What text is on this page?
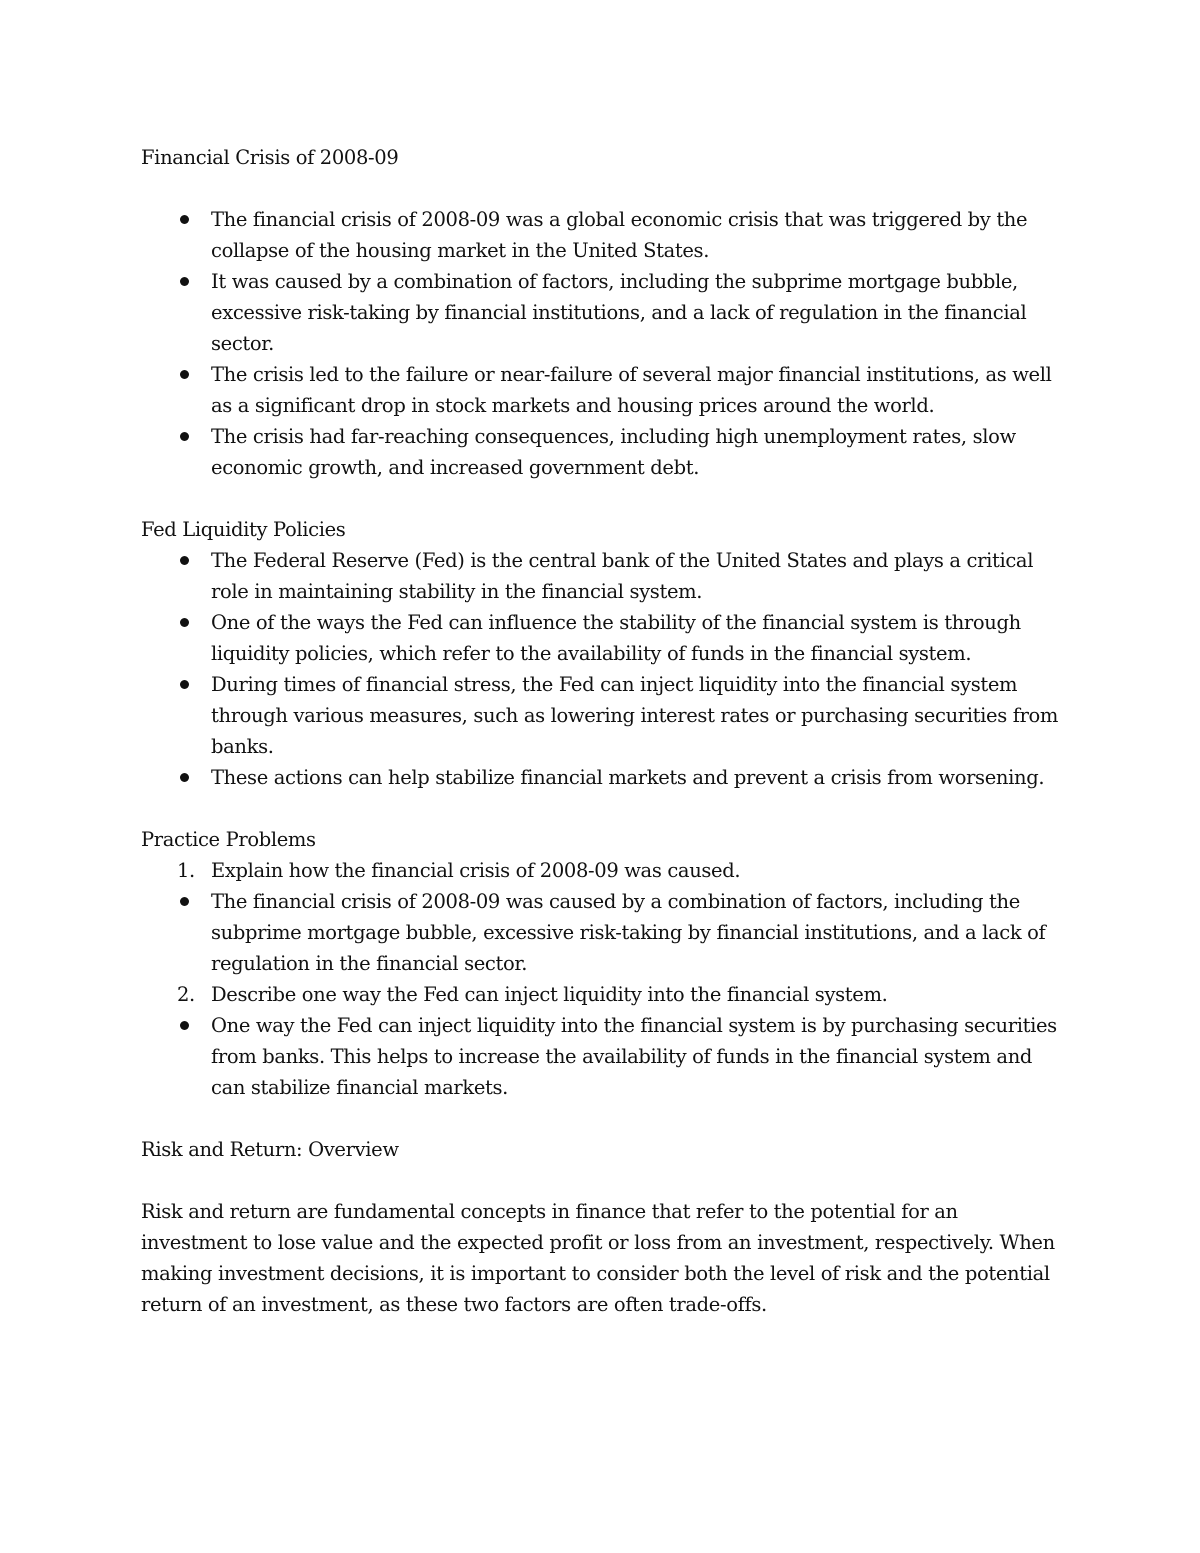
Financial Crisis of 2008-09
The financial crisis of 2008-09 was a global economic crisis that was triggered by the collapse of the housing market in the United States.
It was caused by a combination of factors, including the subprime mortgage bubble, excessive risk-taking by financial institutions, and a lack of regulation in the financial sector.
The crisis led to the failure or near-failure of several major financial institutions, as well as a significant drop in stock markets and housing prices around the world.
The crisis had far-reaching consequences, including high unemployment rates, slow economic growth, and increased government debt.
Fed Liquidity Policies
The Federal Reserve (Fed) is the central bank of the United States and plays a critical role in maintaining stability in the financial system.
One of the ways the Fed can influence the stability of the financial system is through liquidity policies, which refer to the availability of funds in the financial system.
During times of financial stress, the Fed can inject liquidity into the financial system through various measures, such as lowering interest rates or purchasing securities from banks.
These actions can help stabilize financial markets and prevent a crisis from worsening.
Practice Problems
1. Explain how the financial crisis of 2008-09 was caused.
The financial crisis of 2008-09 was caused by a combination of factors, including the subprime mortgage bubble, excessive risk-taking by financial institutions, and a lack of regulation in the financial sector.
2. Describe one way the Fed can inject liquidity into the financial system.
One way the Fed can inject liquidity into the financial system is by purchasing securities from banks. This helps to increase the availability of funds in the financial system and can stabilize financial markets.
Risk and Return: Overview

Risk and return are fundamental concepts in finance that refer to the potential for an investment to lose value and the expected profit or loss from an investment, respectively. When making investment decisions, it is important to consider both the level of risk and the potential return of an investment, as these two factors are often trade-offs.
